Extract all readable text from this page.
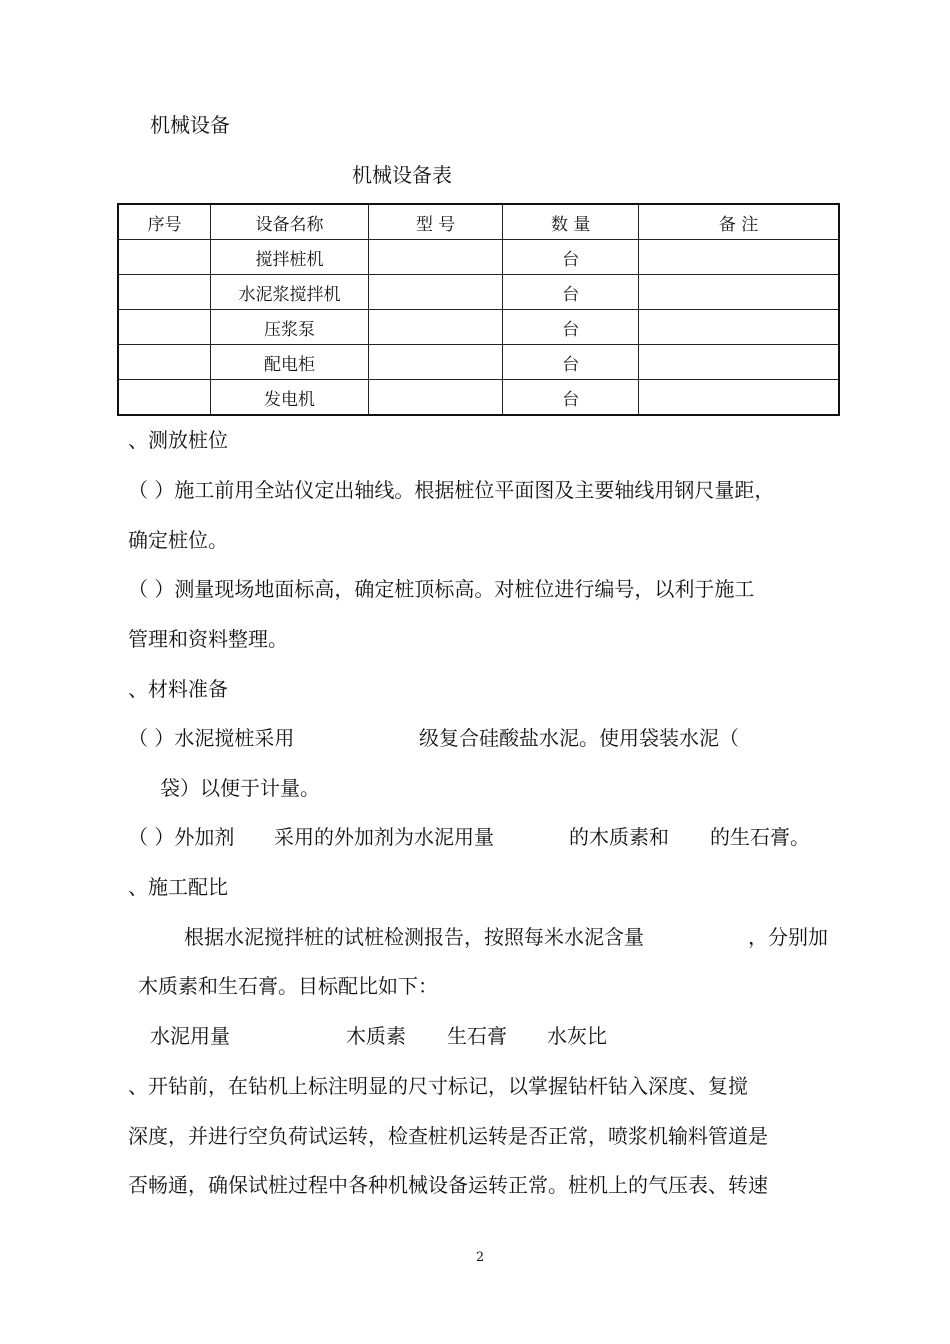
机械设备
机械设备表
序号	设备名称	型 号	数 量	备 注
	搅拌桩机		台	
	水泥浆搅拌机		台	
	压浆泵		台	
	配电柜		台	
	发电机		台	
、测放桩位
（ ）施工前用全站仪定出轴线。根据桩位平面图及主要轴线用钢尺量距，
确定桩位。
（ ）测量现场地面标高，确定桩顶标高。对桩位进行编号，以利于施工
管理和资料整理。
、材料准备
（ ）水泥搅桩采用	级复合硅酸盐水泥。使用袋装水泥（
袋）以便于计量。
（ ）外加剂 采用的外加剂为水泥用量	的木质素和 的生石膏。
、施工配比
根据水泥搅拌桩的试桩检测报告，按照每米水泥含量	，分别加
木质素和生石膏。目标配比如下：
水泥用量	木质素 生石膏 水灰比
、开钻前，在钻机上标注明显的尺寸标记，以掌握钻杆钻入深度、复搅
深度，并进行空负荷试运转，检查桩机运转是否正常，喷浆机输料管道是
否畅通，确保试桩过程中各种机械设备运转正常。桩机上的气压表、转速
2
